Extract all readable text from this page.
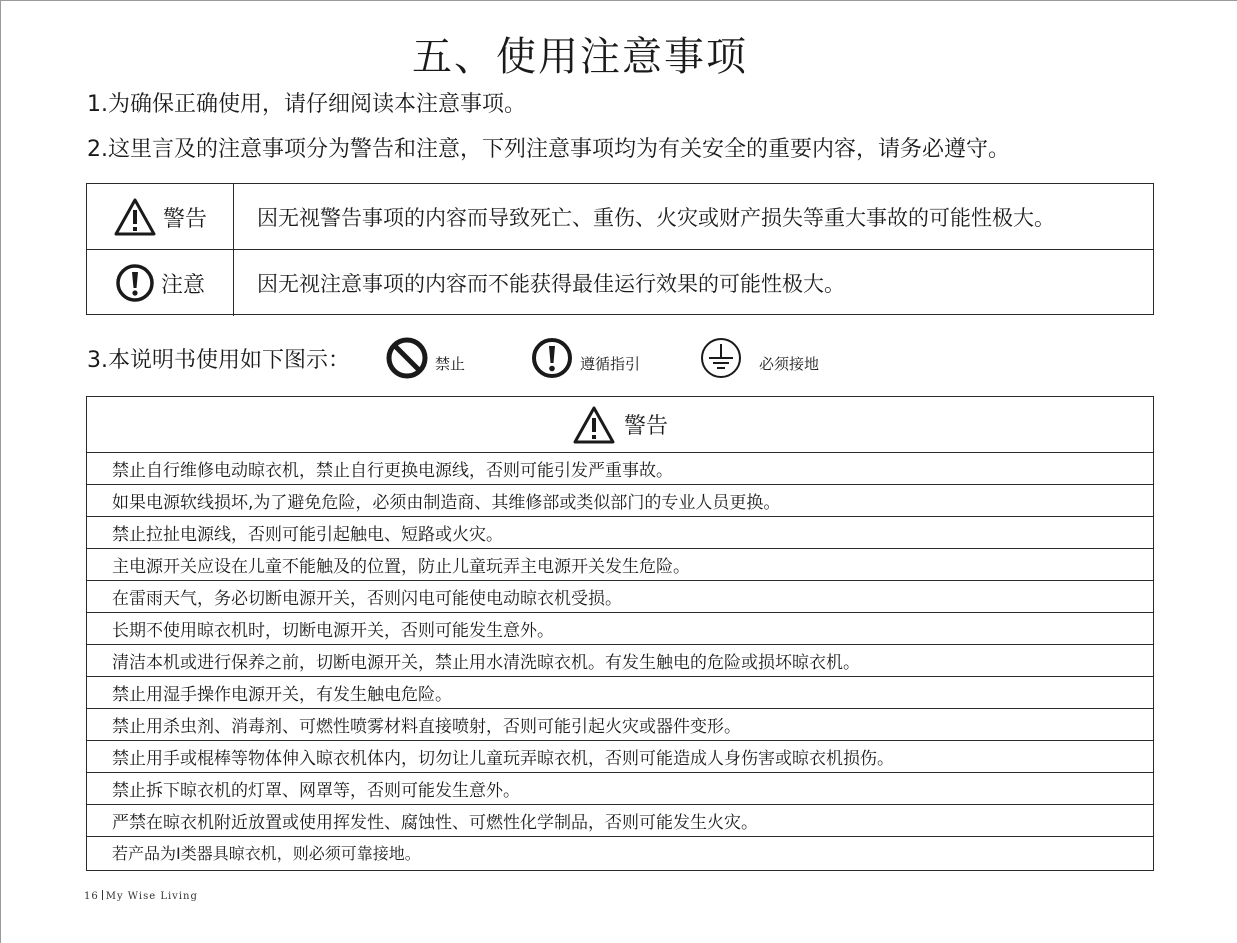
五、使用注意事项
1.为确保正确使用，请仔细阅读本注意事项。
2.这里言及的注意事项分为警告和注意，下列注意事项均为有关安全的重要内容，请务必遵守。
警告 因无视警告事项的内容而导致死亡、重伤、火灾或财产损失等重大事故的可能性极大。
注意 因无视注意事项的内容而不能获得最佳运行效果的可能性极大。
3.本说明书使用如下图示：	禁止	遵循指引	必须接地
警告
禁止自行维修电动晾衣机，禁止自行更换电源线，否则可能引发严重事故。
如果电源软线损坏,为了避免危险，必须由制造商、其维修部或类似部门的专业人员更换。
禁止拉扯电源线，否则可能引起触电、短路或火灾。
主电源开关应设在儿童不能触及的位置，防止儿童玩弄主电源开关发生危险。
在雷雨天气，务必切断电源开关，否则闪电可能使电动晾衣机受损。
长期不使用晾衣机时，切断电源开关，否则可能发生意外。
清洁本机或进行保养之前，切断电源开关，禁止用水清洗晾衣机。有发生触电的危险或损坏晾衣机。
禁止用湿手操作电源开关，有发生触电危险。
禁止用杀虫剂、消毒剂、可燃性喷雾材料直接喷射，否则可能引起火灾或器件变形。
禁止用手或棍棒等物体伸入晾衣机体内，切勿让儿童玩弄晾衣机，否则可能造成人身伤害或晾衣机损伤。
禁止拆下晾衣机的灯罩、网罩等，否则可能发生意外。
严禁在晾衣机附近放置或使用挥发性、腐蚀性、可燃性化学制品，否则可能发生火灾。
若产品为Ⅰ类器具晾衣机，则必须可靠接地。
16 My Wise Living
